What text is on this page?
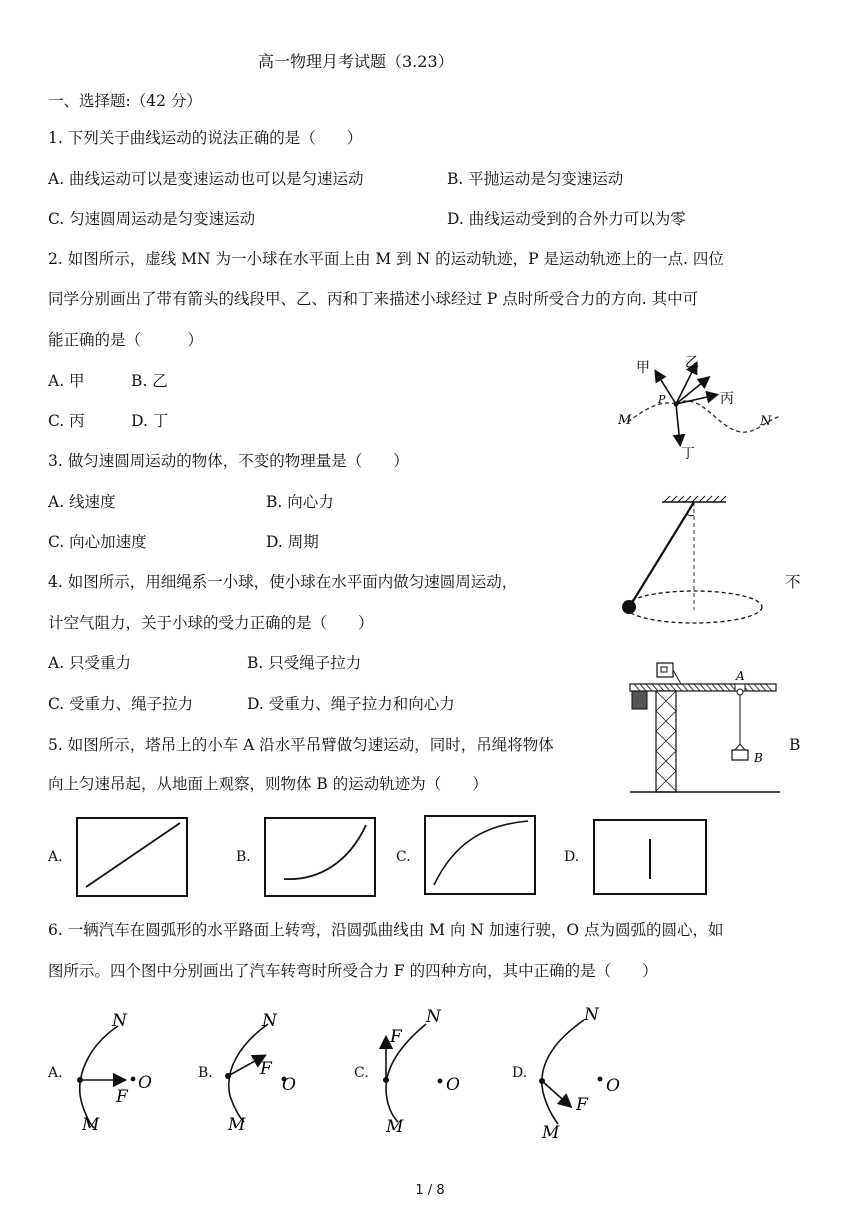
高一物理月考试题（3.23）
一、选择题:（42 分）
1. 下列关于曲线运动的说法正确的是（　　）
A. 曲线运动可以是变速运动也可以是匀速运动	B. 平抛运动是匀变速运动
C. 匀速圆周运动是匀变速运动	D. 曲线运动受到的合外力可以为零
2. 如图所示，虚线 MN 为一小球在水平面上由 M 到 N 的运动轨迹，P 是运动轨迹上的一点. 四位
同学分别画出了带有箭头的线段甲、乙、丙和丁来描述小球经过 P 点时所受合力的方向. 其中可
能正确的是（　　　）
A. 甲　　　B. 乙
C. 丙　　　D. 丁
甲	乙
丙
丁
P
M	N
3. 做匀速圆周运动的物体，不变的物理量是（　　）
A. 线速度	B. 向心力
C. 向心加速度	D. 周期
4. 如图所示，用细绳系一小球，使小球在水平面内做匀速圆周运动，	不
计空气阻力，关于小球的受力正确的是（　　）
A. 只受重力	B. 只受绳子拉力
C. 受重力、绳子拉力	D. 受重力、绳子拉力和向心力
A
B
5. 如图所示，塔吊上的小车 A 沿水平吊臂做匀速运动，同时，吊绳将物体	B
向上匀速吊起，从地面上观察，则物体 B 的运动轨迹为（　　）
A.	B.	C.	D.
6. 一辆汽车在圆弧形的水平路面上转弯，沿圆弧曲线由 M 向 N 加速行驶，O 点为圆弧的圆心，如
图所示。四个图中分别画出了汽车转弯时所受合力 F 的四种方向，其中正确的是（　　）
A.
N
M
F
O	B.
N
M
F
O
C.
N
M
F
O
D.
N
M
F
O
1 / 8
